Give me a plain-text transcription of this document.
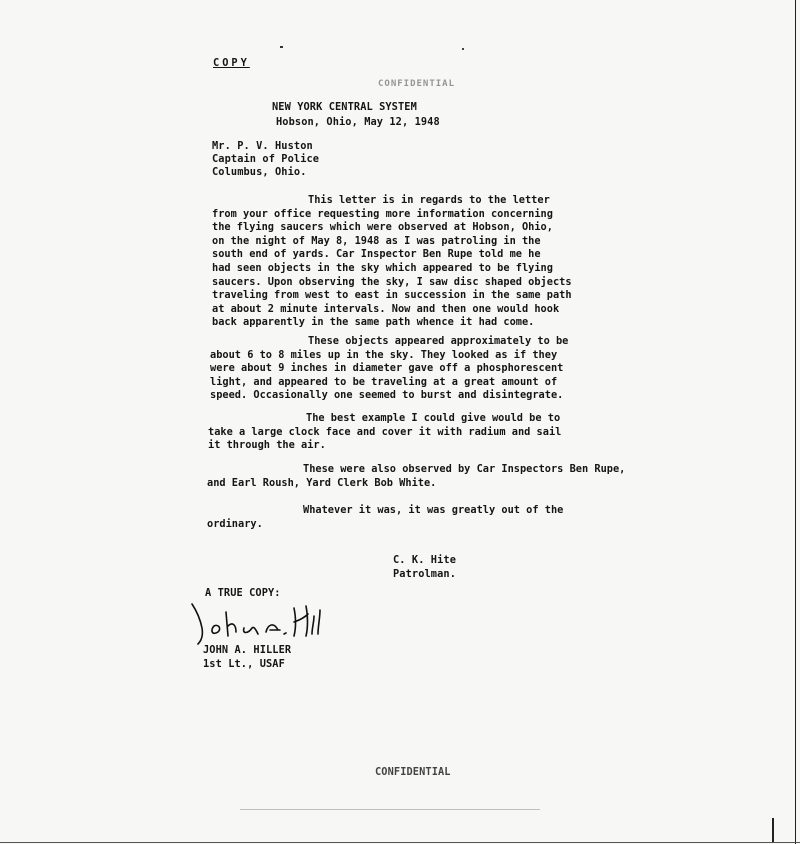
COPY
CONFIDENTIAL
NEW YORK CENTRAL SYSTEM
Hobson, Ohio, May 12, 1948
Mr. P. V. Huston
Captain of Police
Columbus, Ohio.
This letter is in regards to the letter
from your office requesting more information concerning
the flying saucers which were observed at Hobson, Ohio,
on the night of May 8, 1948 as I was patroling in the
south end of yards. Car Inspector Ben Rupe told me he
had seen objects in the sky which appeared to be flying
saucers. Upon observing the sky, I saw disc shaped objects
traveling from west to east in succession in the same path
at about 2 minute intervals. Now and then one would hook
back apparently in the same path whence it had come.
These objects appeared approximately to be
about 6 to 8 miles up in the sky. They looked as if they
were about 9 inches in diameter gave off a phosphorescent
light, and appeared to be traveling at a great amount of
speed. Occasionally one seemed to burst and disintegrate.
The best example I could give would be to
take a large clock face and cover it with radium and sail
it through the air.
These were also observed by Car Inspectors Ben Rupe,
and Earl Roush, Yard Clerk Bob White.
Whatever it was, it was greatly out of the
ordinary.
C. K. Hite
Patrolman.
A TRUE COPY:
JOHN A. HILLER
1st Lt., USAF
CONFIDENTIAL
